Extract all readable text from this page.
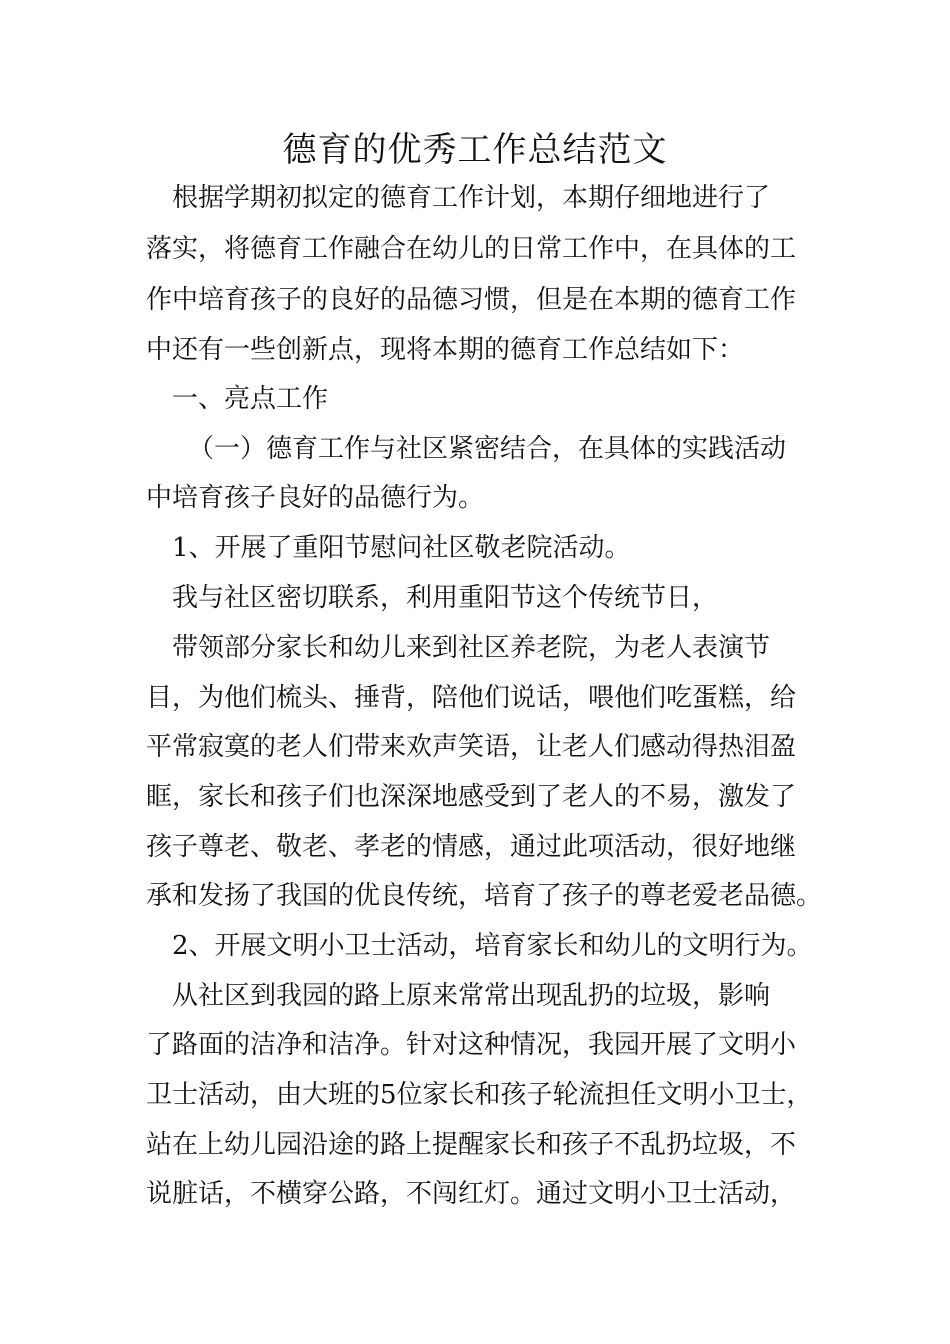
德育的优秀工作总结范文
　根据学期初拟定的德育工作计划，本期仔细地进行了
落实，将德育工作融合在幼儿的日常工作中，在具体的工
作中培育孩子的良好的品德习惯，但是在本期的德育工作
中还有一些创新点，现将本期的德育工作总结如下：
　一、亮点工作
（一）德育工作与社区紧密结合，在具体的实践活动
中培育孩子良好的品德行为。
　1、开展了重阳节慰问社区敬老院活动。
　我与社区密切联系，利用重阳节这个传统节日，
　带领部分家长和幼儿来到社区养老院，为老人表演节
目，为他们梳头、捶背，陪他们说话，喂他们吃蛋糕，给
平常寂寞的老人们带来欢声笑语，让老人们感动得热泪盈
眶，家长和孩子们也深深地感受到了老人的不易，激发了
孩子尊老、敬老、孝老的情感，通过此项活动，很好地继
承和发扬了我国的优良传统，培育了孩子的尊老爱老品德。
　2、开展文明小卫士活动，培育家长和幼儿的文明行为。
　从社区到我园的路上原来常常出现乱扔的垃圾，影响
了路面的洁净和洁净。针对这种情况，我园开展了文明小
卫士活动，由大班的5位家长和孩子轮流担任文明小卫士，
站在上幼儿园沿途的路上提醒家长和孩子不乱扔垃圾，不
说脏话，不横穿公路，不闯红灯。通过文明小卫士活动，
